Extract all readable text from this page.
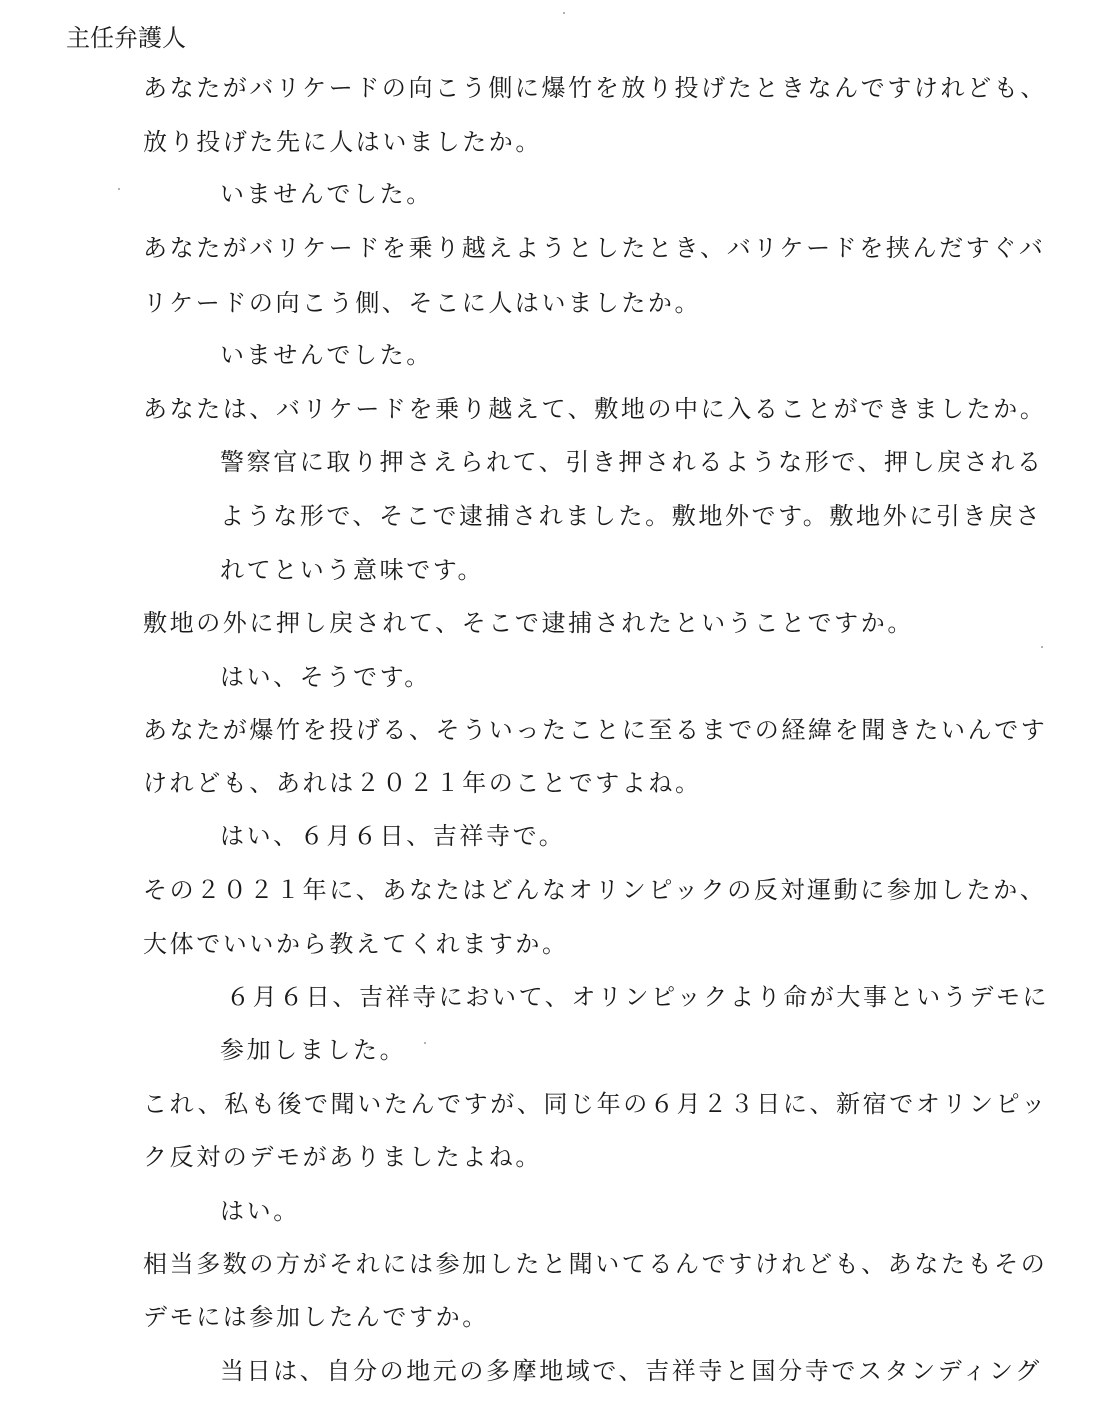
主任弁護人
あなたがバリケードの向こう側に爆竹を放り投げたときなんですけれども、
放り投げた先に人はいましたか。
いませんでした。
あなたがバリケードを乗り越えようとしたとき、バリケードを挟んだすぐバ
リケードの向こう側、そこに人はいましたか。
いませんでした。
あなたは、バリケードを乗り越えて、敷地の中に入ることができましたか。
警察官に取り押さえられて、引き押されるような形で、押し戻される
ような形で、そこで逮捕されました。敷地外です。敷地外に引き戻さ
れてという意味です。
敷地の外に押し戻されて、そこで逮捕されたということですか。
はい、そうです。
あなたが爆竹を投げる、そういったことに至るまでの経緯を聞きたいんです
けれども、あれは２０２１年のことですよね。
はい、６月６日、吉祥寺で。
その２０２１年に、あなたはどんなオリンピックの反対運動に参加したか、
大体でいいから教えてくれますか。
６月６日、吉祥寺において、オリンピックより命が大事というデモに
参加しました。
これ、私も後で聞いたんですが、同じ年の６月２３日に、新宿でオリンピッ
ク反対のデモがありましたよね。
はい。
相当多数の方がそれには参加したと聞いてるんですけれども、あなたもその
デモには参加したんですか。
当日は、自分の地元の多摩地域で、吉祥寺と国分寺でスタンディング
